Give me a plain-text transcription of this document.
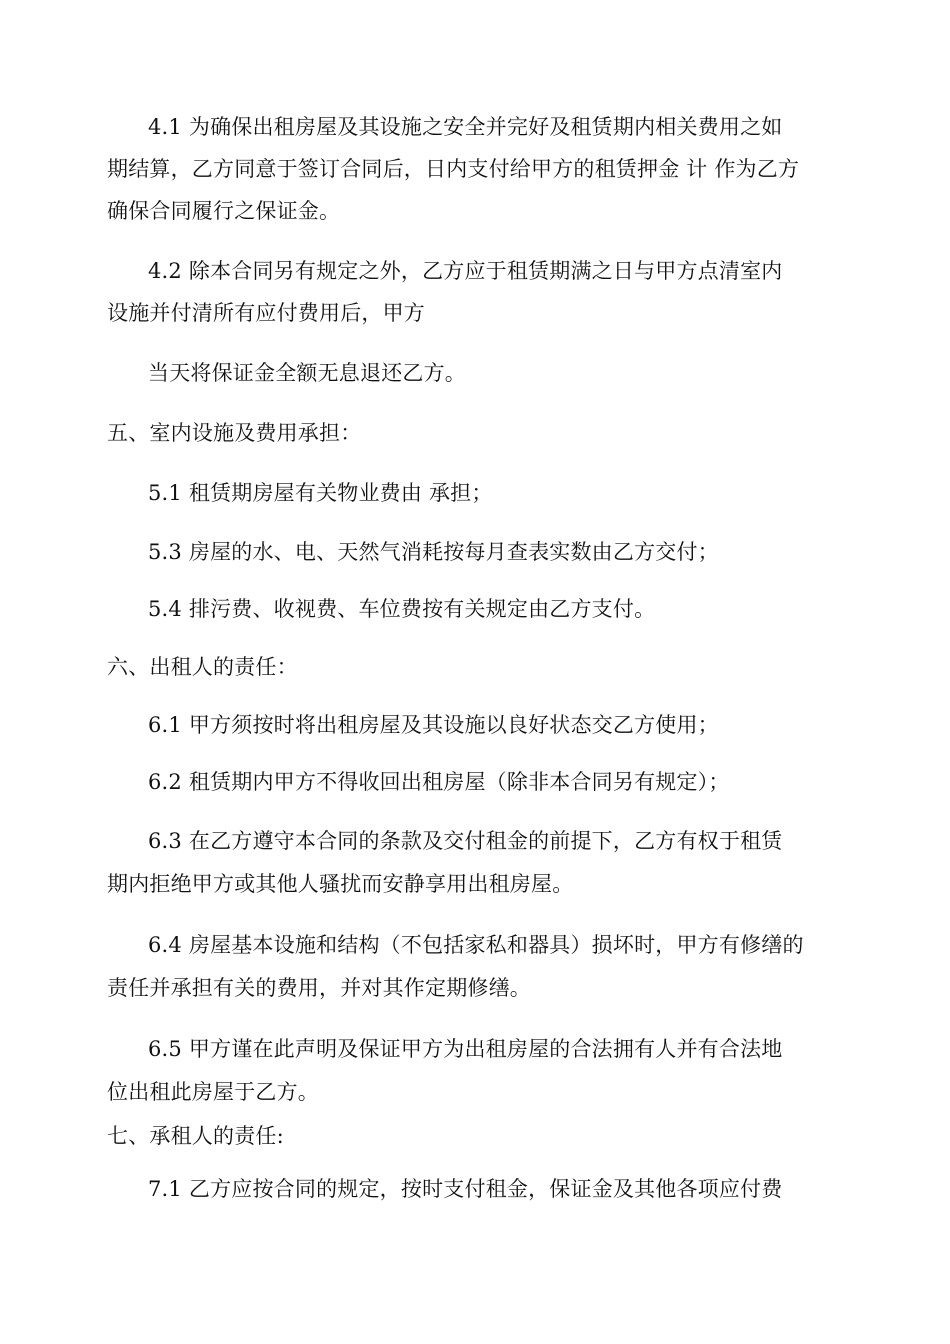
4.1 为确保出租房屋及其设施之安全并完好及租赁期内相关费用之如
期结算，乙方同意于签订合同后，日内支付给甲方的租赁押金 计 作为乙方
确保合同履行之保证金。
4.2 除本合同另有规定之外，乙方应于租赁期满之日与甲方点清室内
设施并付清所有应付费用后，甲方
当天将保证金全额无息退还乙方。
五、室内设施及费用承担：
5.1 租赁期房屋有关物业费由 承担；
5.3 房屋的水、电、天然气消耗按每月查表实数由乙方交付；
5.4 排污费、收视费、车位费按有关规定由乙方支付。
六、出租人的责任：
6.1 甲方须按时将出租房屋及其设施以良好状态交乙方使用；
6.2 租赁期内甲方不得收回出租房屋（除非本合同另有规定）；
6.3 在乙方遵守本合同的条款及交付租金的前提下，乙方有权于租赁
期内拒绝甲方或其他人骚扰而安静享用出租房屋。
6.4 房屋基本设施和结构（不包括家私和器具）损坏时，甲方有修缮的
责任并承担有关的费用，并对其作定期修缮。
6.5 甲方谨在此声明及保证甲方为出租房屋的合法拥有人并有合法地
位出租此房屋于乙方。
七、承租人的责任:
7.1 乙方应按合同的规定，按时支付租金，保证金及其他各项应付费
